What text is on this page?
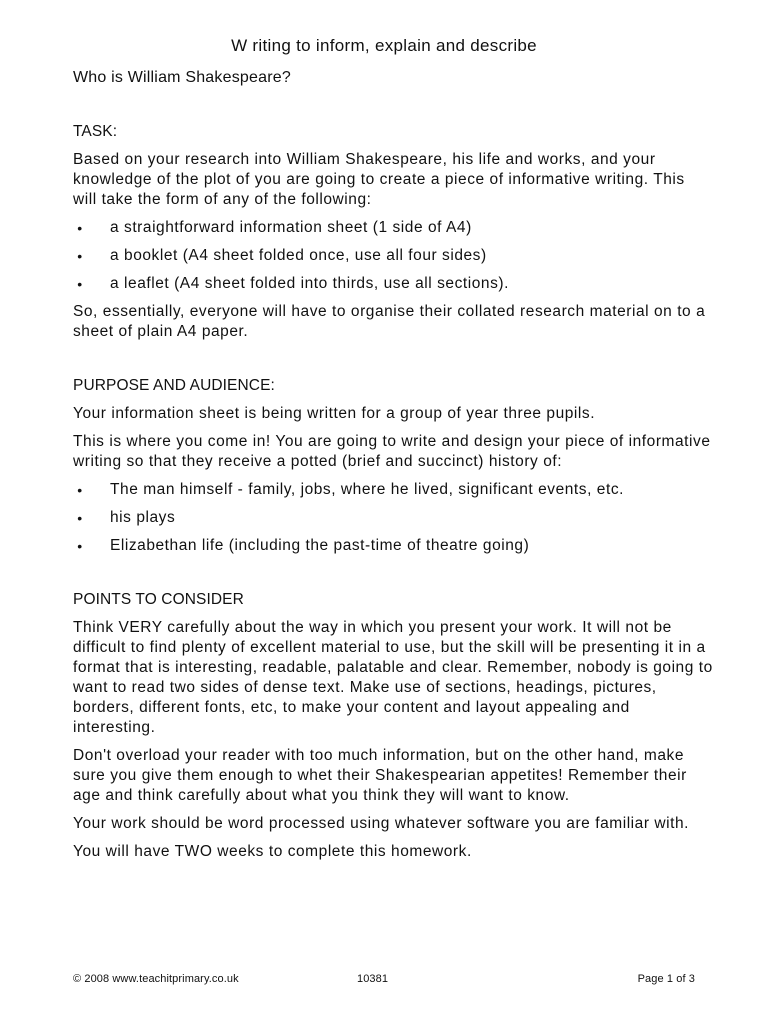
W riting to inform, explain and describe

Who is William Shakespeare?

TASK:

Based on your research into William Shakespeare, his life and works, and your knowledge of the plot of you are going to create a piece of informative writing. This will take the form of any of the following:

• a straightforward information sheet (1 side of A4)
• a booklet (A4 sheet folded once, use all four sides)
• a leaflet (A4 sheet folded into thirds, use all sections).

So, essentially, everyone will have to organise their collated research material on to a sheet of plain A4 paper.

PURPOSE AND AUDIENCE:

Your information sheet is being written for a group of year three pupils.

This is where you come in! You are going to write and design your piece of informative writing so that they receive a potted (brief and succinct) history of:

• The man himself - family, jobs, where he lived, significant events, etc.
• his plays
• Elizabethan life (including the past-time of theatre going)
POINTS TO CONSIDER

Think VERY carefully about the way in which you present your work. It will not be difficult to find plenty of excellent material to use, but the skill will be presenting it in a format that is interesting, readable, palatable and clear. Remember, nobody is going to want to read two sides of dense text. Make use of sections, headings, pictures, borders, different fonts, etc, to make your content and layout appealing and interesting.

Don't overload your reader with too much information, but on the other hand, make sure you give them enough to whet their Shakespearian appetites! Remember their age and think carefully about what you think they will want to know.

Your work should be word processed using whatever software you are familiar with.

You will have TWO weeks to complete this homework.

© 2008 www.teachitprimary.co.uk	10381	Page 1 of 3
